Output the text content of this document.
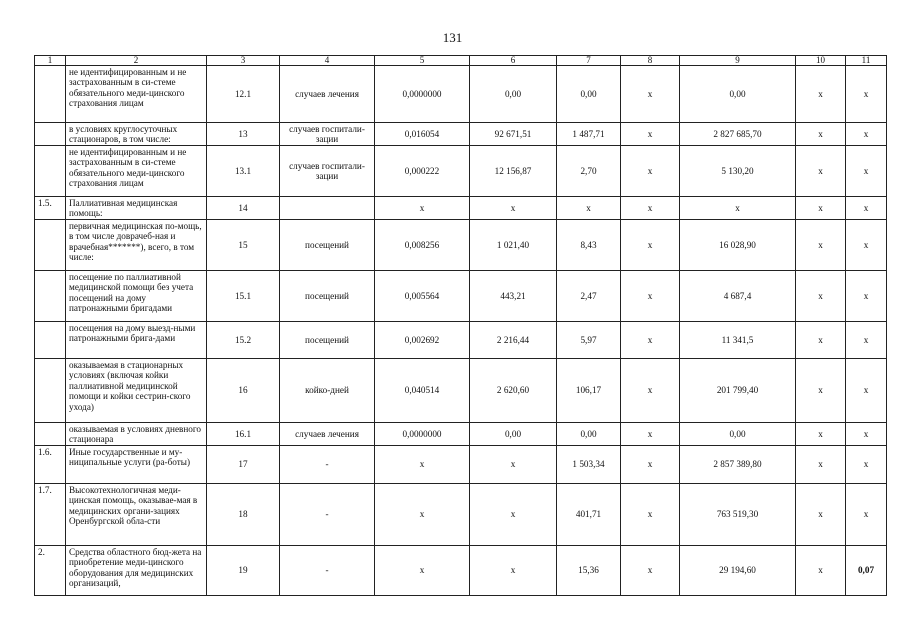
131
1	2	3	4	5	6	7	8	9	10	11
	не идентифицированным и не застрахованным в си-стеме обязательного меди-цинского страхования лицам	12.1	случаев лечения	0,0000000	0,00	0,00	х	0,00	х	х
	в условиях круглосуточных стационаров, в том числе:	13	случаев госпитали-зации	0,016054	92 671,51	1 487,71	х	2 827 685,70	х	х
	не идентифицированным и не застрахованным в си-стеме обязательного меди-цинского страхования лицам	13.1	случаев госпитали-зации	0,000222	12 156,87	2,70	х	5 130,20	х	х
1.5.	Паллиативная медицинская помощь:	14		х	х	х	х	х	х	х
	первичная медицинская по-мощь, в том числе доврачеб-ная и врачебная*******), всего, в том числе:	15	посещений	0,008256	1 021,40	8,43	х	16 028,90	х	х
	посещение по паллиативной медицинской помощи без учета посещений на дому патронажными бригадами	15.1	посещений	0,005564	443,21	2,47	х	4 687,4	х	х
	посещения на дому выезд-ными патронажными брига-дами	15.2	посещений	0,002692	2 216,44	5,97	х	11 341,5	х	х
	оказываемая в стационарных условиях (включая койки паллиативной медицинской помощи и койки сестрин-ского ухода)	16	койко-дней	0,040514	2 620,60	106,17	х	201 799,40	х	х
	оказываемая в условиях дневного стационара	16.1	случаев лечения	0,0000000	0,00	0,00	х	0,00	х	х
1.6.	Иные государственные и му-ниципальные услуги (ра-боты)	17	-	х	х	1 503,34	х	2 857 389,80	х	х
1.7.	Высокотехнологичная меди-цинская помощь, оказывае-мая в медицинских органи-зациях Оренбургской обла-сти	18	-	х	х	401,71	х	763 519,30	х	х
2.	Средства областного бюд-жета на приобретение меди-цинского оборудования для медицинских организаций,	19	-	х	х	15,36	х	29 194,60	х	0,07
